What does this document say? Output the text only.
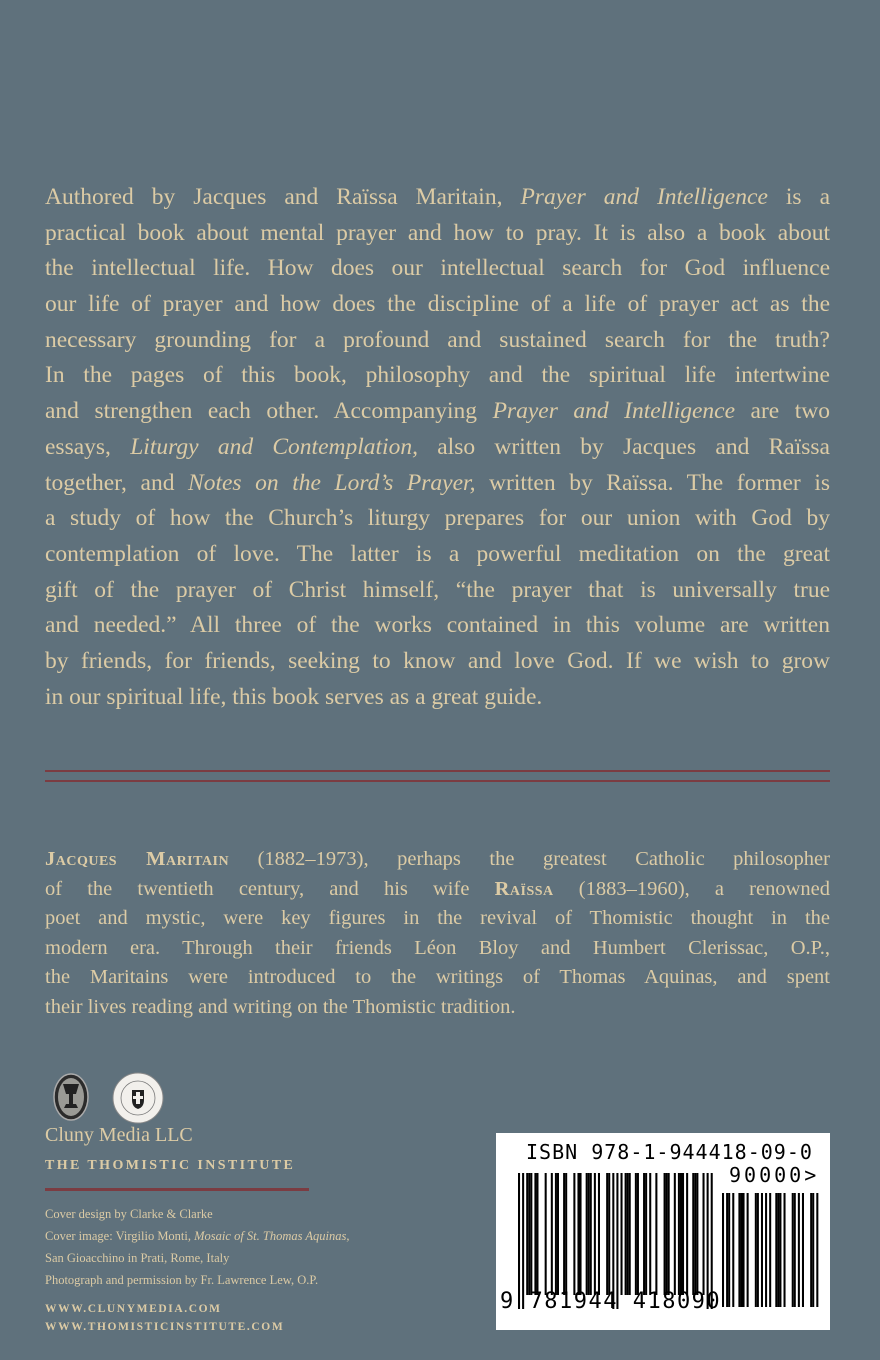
Authored by Jacques and Raïssa Maritain, Prayer and Intelligence is a
practical book about mental prayer and how to pray. It is also a book about
the intellectual life. How does our intellectual search for God influence
our life of prayer and how does the discipline of a life of prayer act as the
necessary grounding for a profound and sustained search for the truth?
In the pages of this book, philosophy and the spiritual life intertwine
and strengthen each other. Accompanying Prayer and Intelligence are two
essays, Liturgy and Contemplation, also written by Jacques and Raïssa
together, and Notes on the Lord’s Prayer, written by Raïssa. The former is
a study of how the Church’s liturgy prepares for our union with God by
contemplation of love. The latter is a powerful meditation on the great
gift of the prayer of Christ himself, “the prayer that is universally true
and needed.” All three of the works contained in this volume are written
by friends, for friends, seeking to know and love God. If we wish to grow
in our spiritual life, this book serves as a great guide.
Jacques Maritain (1882–1973), perhaps the greatest Catholic philosopher
of the twentieth century, and his wife Raïssa (1883–1960), a renowned
poet and mystic, were key figures in the revival of Thomistic thought in the
modern era. Through their friends Léon Bloy and Humbert Clerissac, O.P.,
the Maritains were introduced to the writings of Thomas Aquinas, and spent
their lives reading and writing on the Thomistic tradition.
Cluny Media LLC
THE THOMISTIC INSTITUTE
Cover design by Clarke & Clarke
Cover image: Virgilio Monti, Mosaic of St. Thomas Aquinas,
San Gioacchino in Prati, Rome, Italy
Photograph and permission by Fr. Lawrence Lew, O.P.
WWW.CLUNYMEDIA.COM
WWW.THOMISTICINSTITUTE.COM
ISBN 978-1-944418-09-0
90000>
9 781944 418090
